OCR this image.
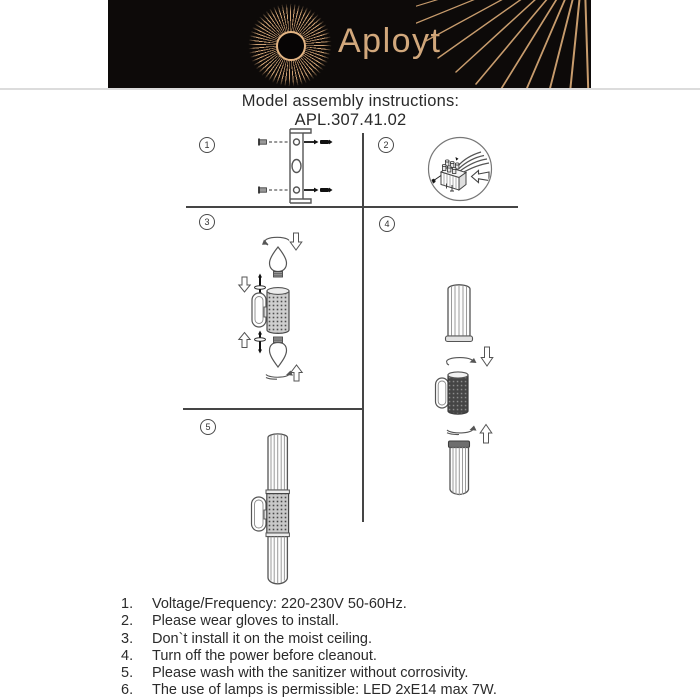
Aployt
Model assembly instructions:
APL.307.41.02
1	2
3	4
5
1.	Voltage/Frequency: 220-230V 50-60Hz.
2.	Please wear gloves to install.
3.	Don`t install it on the moist ceiling.
4.	Turn off the power before cleanout.
5.	Please wash with the sanitizer without corrosivity.
6.	The use of lamps is permissible: LED 2xE14 max 7W.
